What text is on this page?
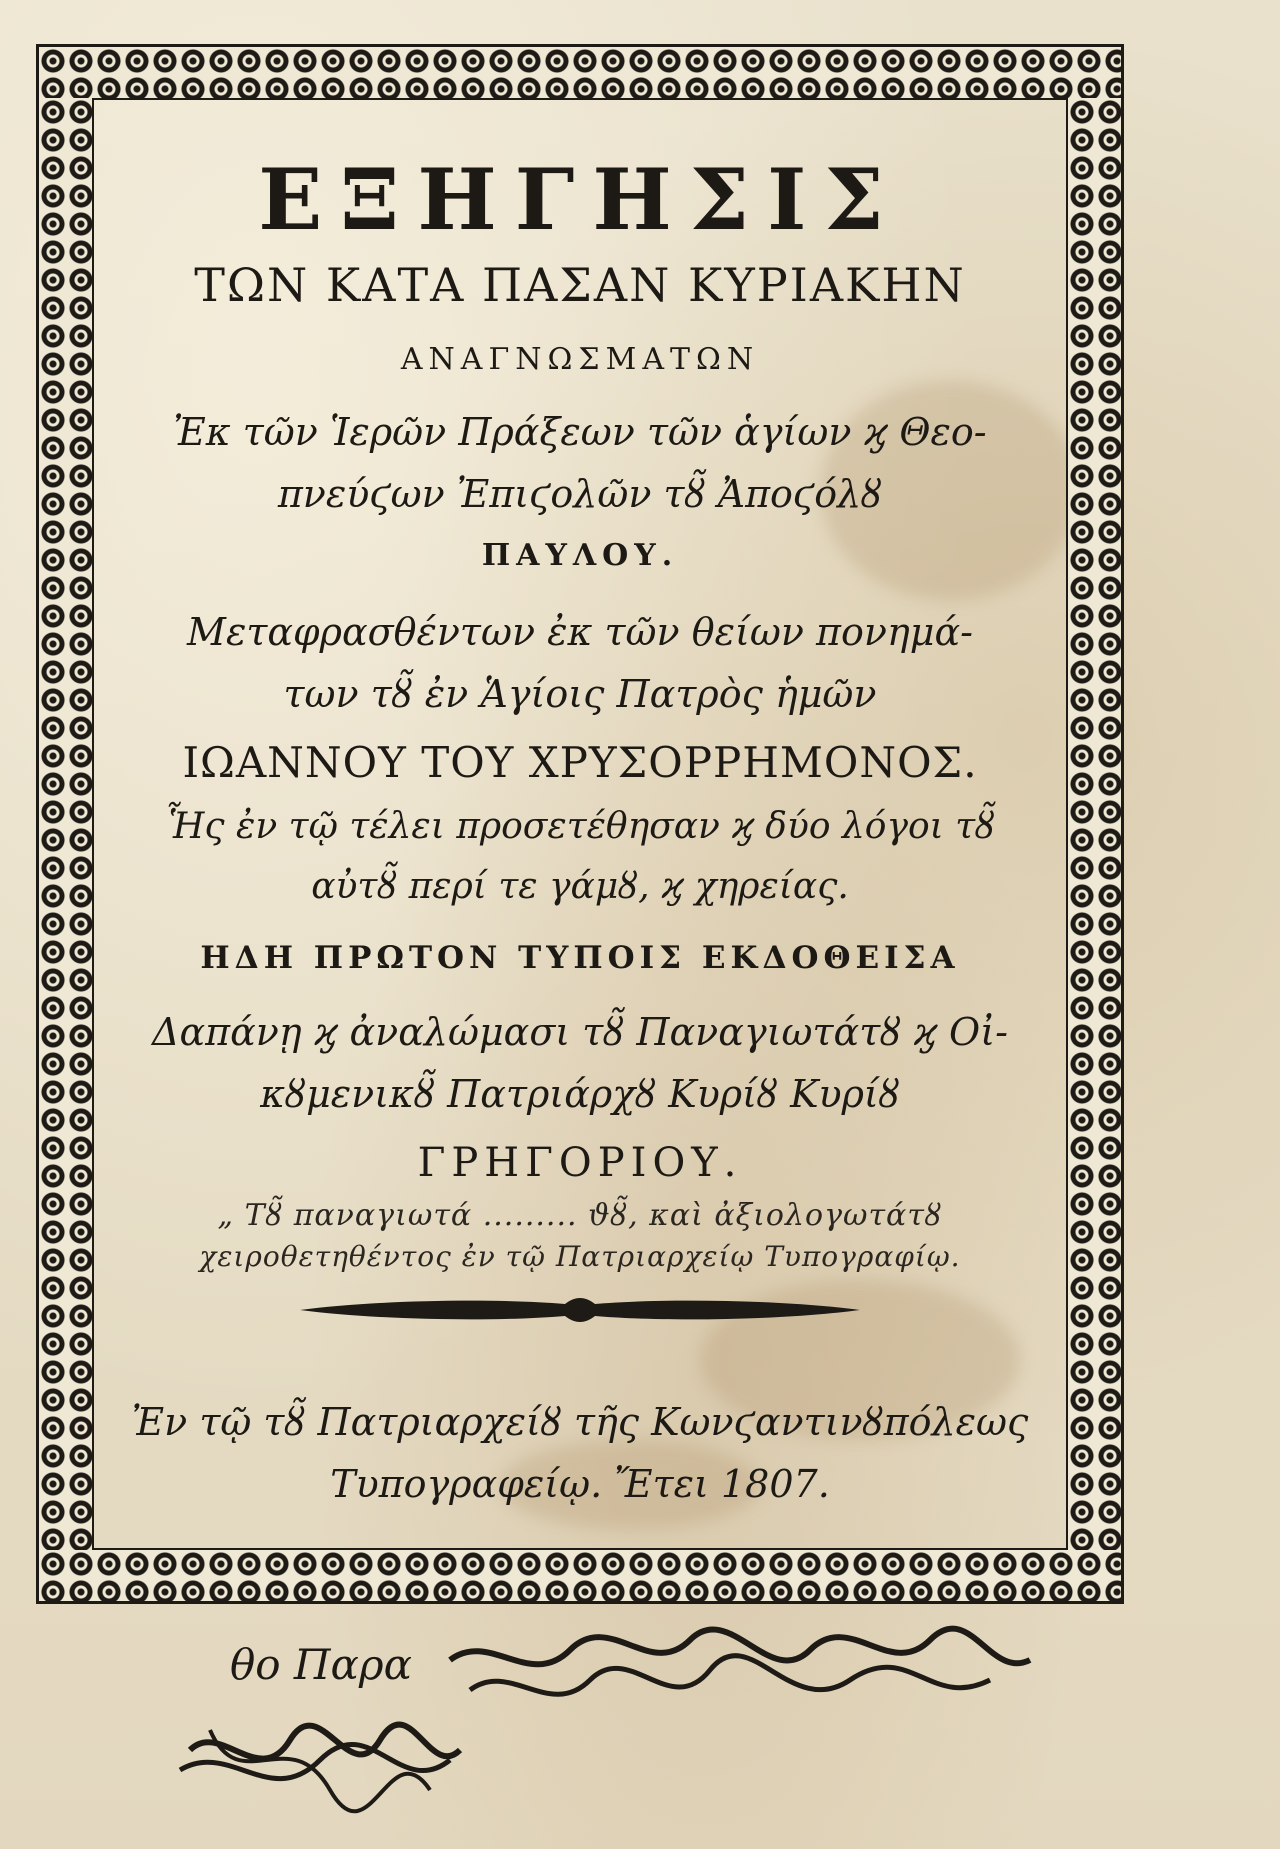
ΕΞΗΓΗΣΙΣ
ΤΩΝ ΚΑΤΑ ΠΑΣΑΝ ΚΥΡΙΑΚΗΝ
ΑΝΑΓΝΩΣΜΑΤΩΝ
Ἐκ τῶν Ἱερῶν Πράξεων τῶν ἁγίων ϗ Θεο-
πνεύϛων Ἐπιϛολῶν τȣ̃ Ἀποϛόλȣ
ΠΑΥΛΟΥ.
Μεταφρασθέντων ἐκ τῶν θείων πονημά-
των τȣ̃ ἐν Ἁγίοις Πατρὸς ἡμῶν
ΙΩΑΝΝΟΥ ΤΟΥ ΧΡΥΣΟΡΡΗΜΟΝΟΣ.
Ἧς ἐν τῷ τέλει προσετέθησαν ϗ δύο λόγοι τȣ̃
αὐτȣ̃ περί τε γάμȣ, ϗ χηρείας.
ΗΔΗ ΠΡΩΤΟΝ ΤΥΠΟΙΣ ΕΚΔΟΘΕΙΣΑ
Δαπάνῃ ϗ ἀναλώμασι τȣ̃ Παναγιωτάτȣ ϗ Οἰ-
κȣμενικȣ̃ Πατριάρχȣ Κυρίȣ Κυρίȣ
ΓΡΗΓΟΡΙΟΥ.
„ Τȣ̃ παναγιωτά ......... ϑȣ̃, καὶ ἀξιολογωτάτȣ
χειροθετηθέντος ἐν τῷ Πατριαρχείῳ Τυπογραφίῳ.
Ἐν τῷ τȣ̃ Πατριαρχείȣ τῆς Κωνϛαντινȣπόλεως
Τυπογραφείῳ. Ἔτει 1807.
θο Παρα
